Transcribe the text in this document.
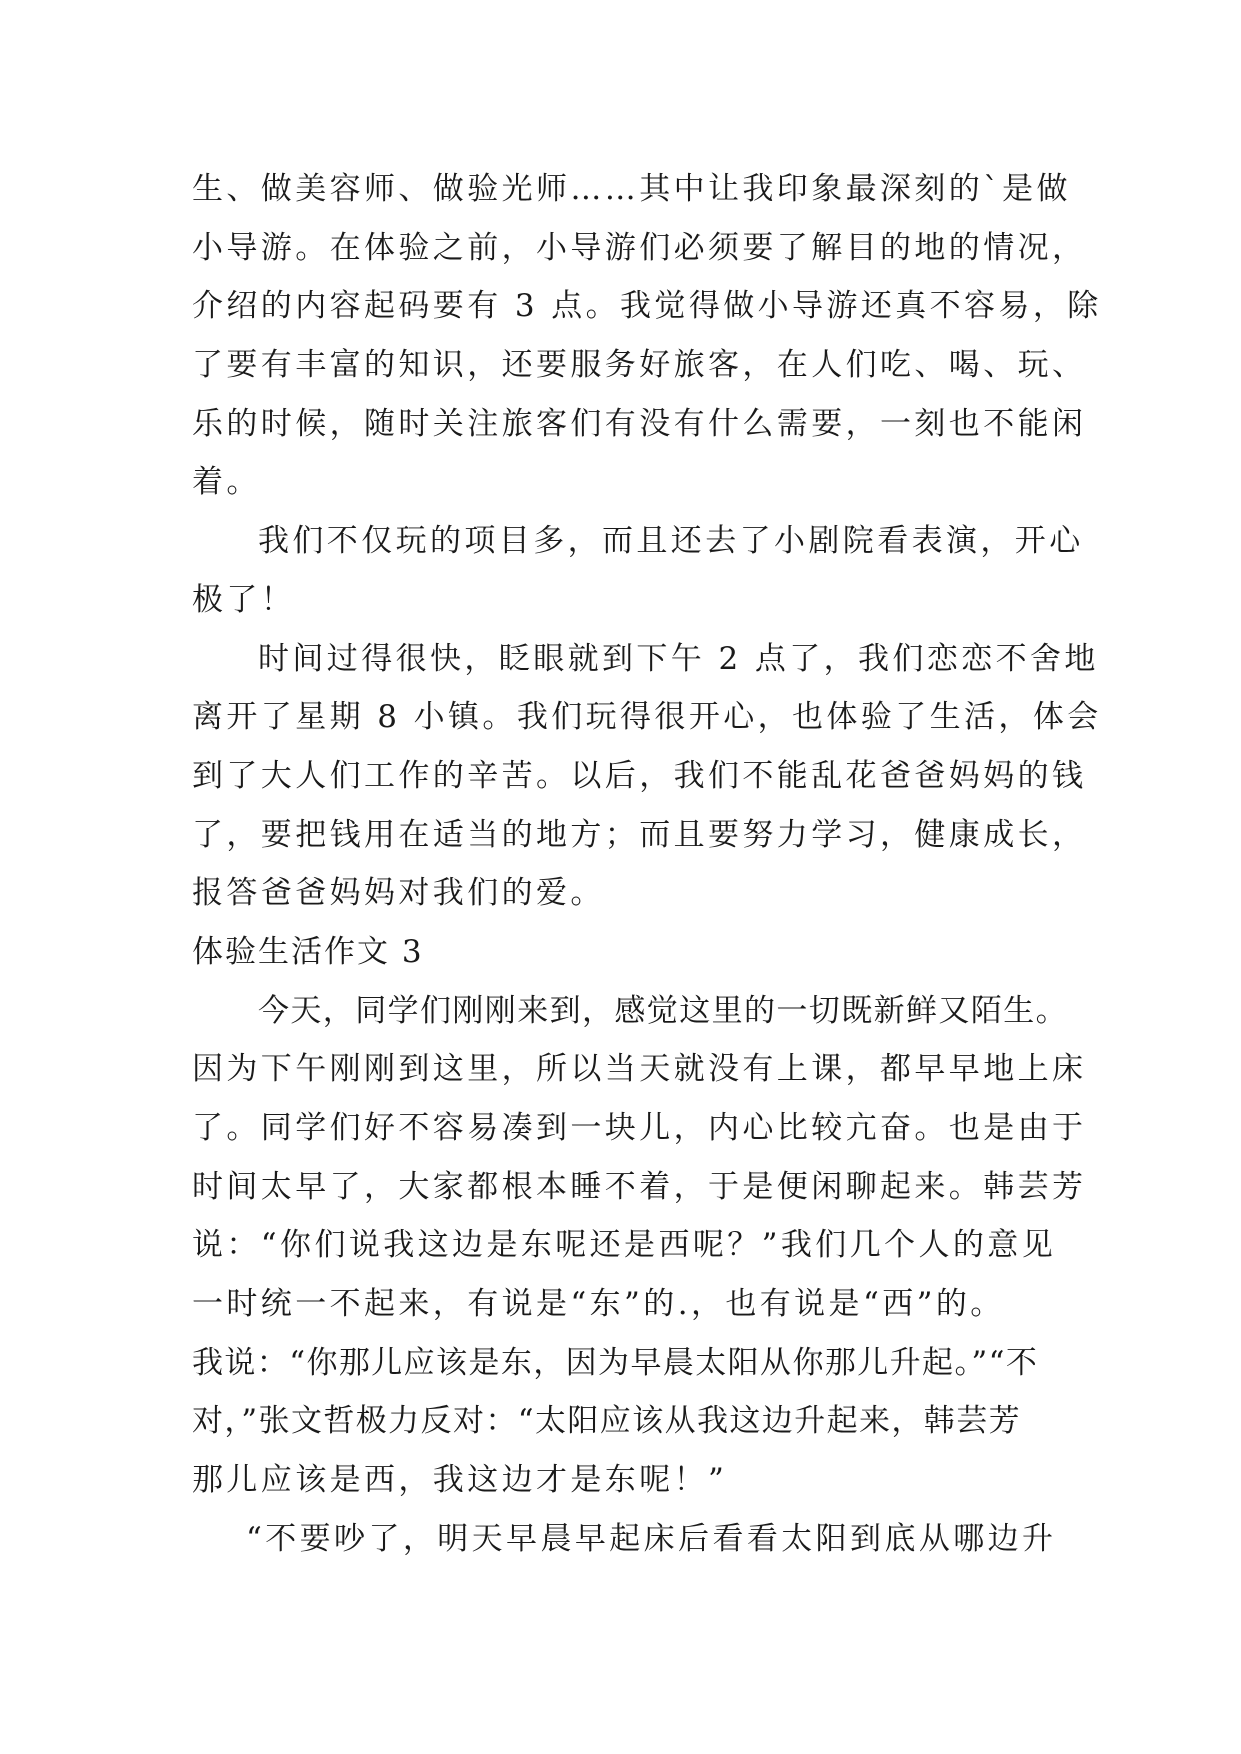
生、做美容师、做验光师……其中让我印象最深刻的`是做
小导游。在体验之前，小导游们必须要了解目的地的情况，
介绍的内容起码要有 3 点。我觉得做小导游还真不容易，除
了要有丰富的知识，还要服务好旅客，在人们吃、喝、玩、
乐的时候，随时关注旅客们有没有什么需要，一刻也不能闲
着。
我们不仅玩的项目多，而且还去了小剧院看表演，开心
极了！
时间过得很快，眨眼就到下午 2 点了，我们恋恋不舍地
离开了星期 8 小镇。我们玩得很开心，也体验了生活，体会
到了大人们工作的辛苦。以后，我们不能乱花爸爸妈妈的钱
了，要把钱用在适当的地方；而且要努力学习，健康成长，
报答爸爸妈妈对我们的爱。
体验生活作文 3
今天，同学们刚刚来到，感觉这里的一切既新鲜又陌生。
因为下午刚刚到这里，所以当天就没有上课，都早早地上床
了。同学们好不容易凑到一块儿，内心比较亢奋。也是由于
时间太早了，大家都根本睡不着，于是便闲聊起来。韩芸芳
说：“你们说我这边是东呢还是西呢？”我们几个人的意见
一时统一不起来，有说是“东”的.，也有说是“西”的。
我说：“你那儿应该是东，因为早晨太阳从你那儿升起。”“不
对，”张文哲极力反对：“太阳应该从我这边升起来，韩芸芳
那儿应该是西，我这边才是东呢！”
“不要吵了，明天早晨早起床后看看太阳到底从哪边升
